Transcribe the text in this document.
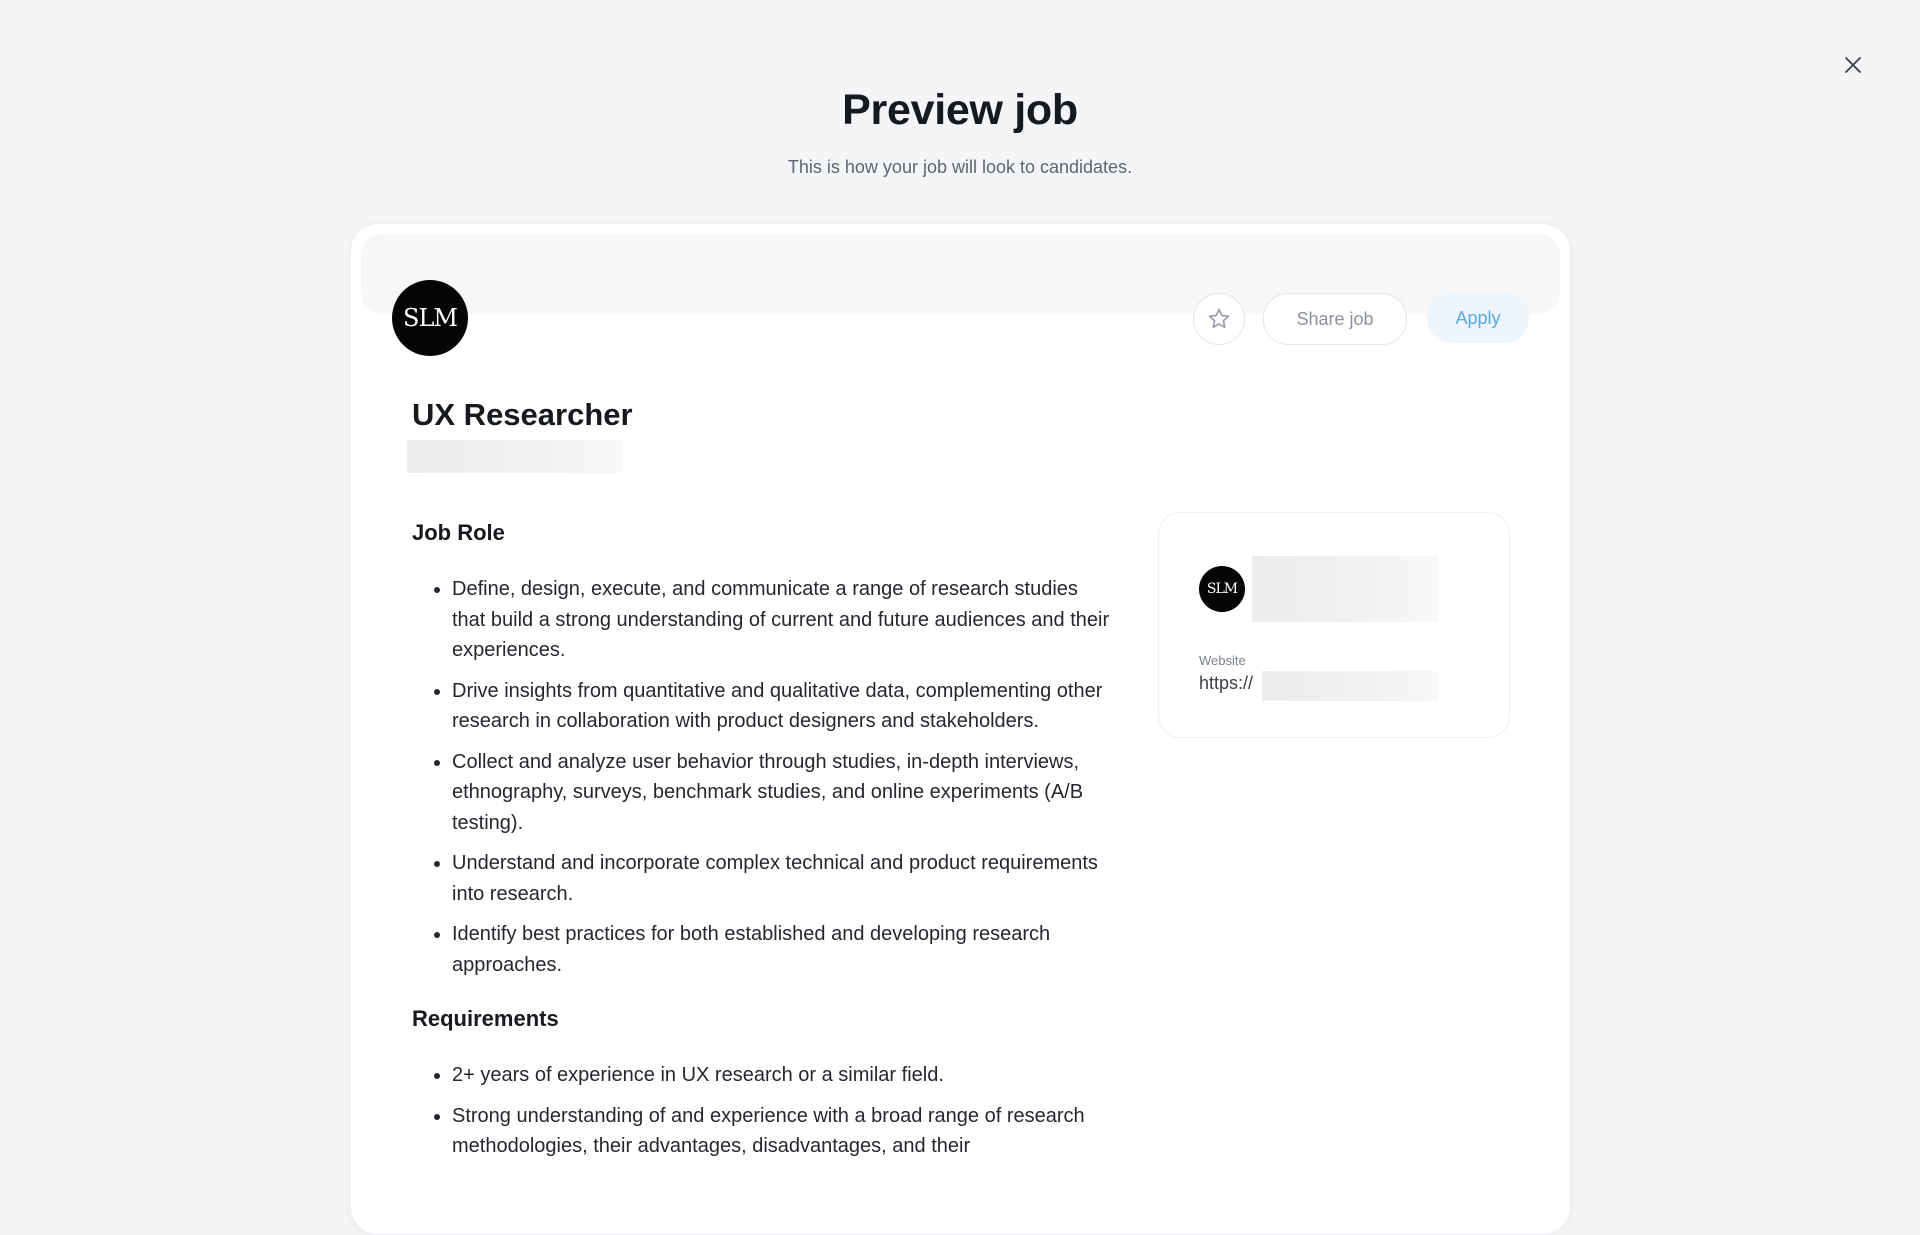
Preview job
This is how your job will look to candidates.
SLM	Share job	Apply
UX Researcher
Job Role
• Define, design, execute, and communicate a range of research studies that build a strong understanding of current and future audiences and their experiences.
• Drive insights from quantitative and qualitative data, complementing other research in collaboration with product designers and stakeholders.
• Collect and analyze user behavior through studies, in-depth interviews, ethnography, surveys, benchmark studies, and online experiments (A/B testing).
• Understand and incorporate complex technical and product requirements into research.
• Identify best practices for both established and developing research approaches.
Requirements
• 2+ years of experience in UX research or a similar field.
• Strong understanding of and experience with a broad range of research methodologies, their advantages, disadvantages, and their
SLM
Website
https://
